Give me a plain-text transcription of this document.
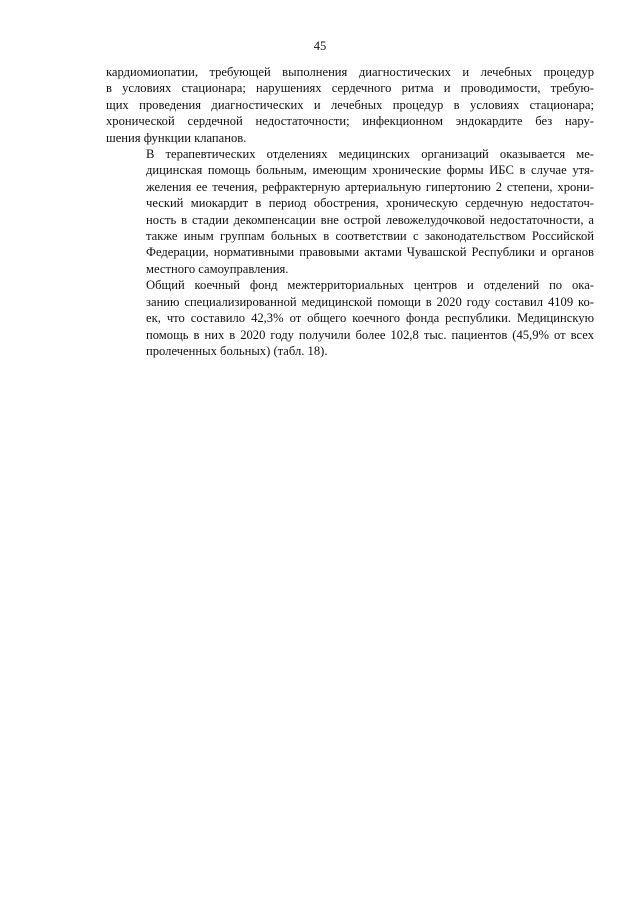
45

кардиомиопатии, требующей выполнения диагностических и лечебных процедур
в условиях стационара; нарушениях сердечного ритма и проводимости, требую-
щих проведения диагностических и лечебных процедур в условиях стационара;
хронической сердечной недостаточности; инфекционном эндокардите без нару-
шения функции клапанов.

В терапевтических отделениях медицинских организаций оказывается ме-
дицинская помощь больным, имеющим хронические формы ИБС в случае утя-
желения ее течения, рефрактерную артериальную гипертонию 2 степени, хрони-
ческий миокардит в период обострения, хроническую сердечную недостаточ-
ность в стадии декомпенсации вне острой левожелудочковой недостаточности, а
также иным группам больных в соответствии с законодательством Российской
Федерации, нормативными правовыми актами Чувашской Республики и органов
местного самоуправления.

Общий коечный фонд межтерриториальных центров и отделений по ока-
занию специализированной медицинской помощи в 2020 году составил 4109 ко-
ек, что составило 42,3% от общего коечного фонда республики. Медицинскую
помощь в них в 2020 году получили более 102,8 тыс. пациентов (45,9% от всех
пролеченных больных) (табл. 18).
